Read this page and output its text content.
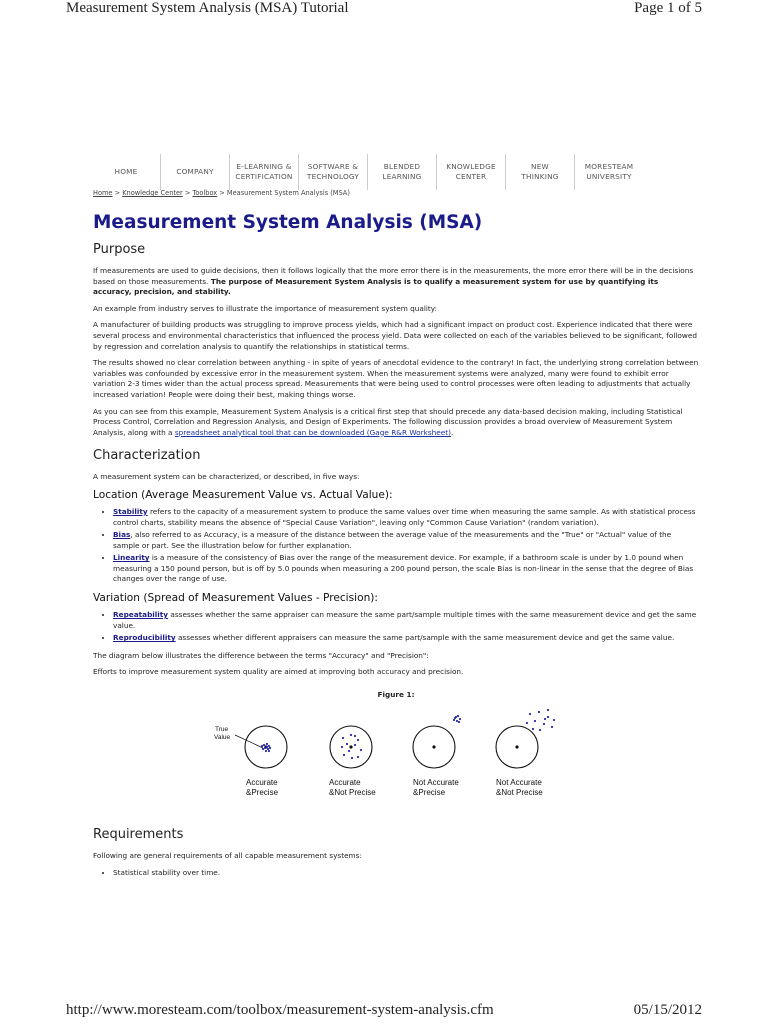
Measurement System Analysis (MSA) Tutorial	Page 1 of 5
HOME	COMPANY
E-LEARNING &
CERTIFICATION
SOFTWARE &
TECHNOLOGY
BLENDED
LEARNING
KNOWLEDGE
CENTER
NEW
THINKING
MORESTEAM
UNIVERSITY
Home > Knowledge Center > Toolbox > Measurement System Analysis (MSA)
Measurement System Analysis (MSA)
Purpose

If measurements are used to guide decisions, then it follows logically that the more error there is in the measurements, the more error there will be in the decisions based on those measurements. The purpose of Measurement System Analysis is to qualify a measurement system for use by quantifying its accuracy, precision, and stability.

An example from industry serves to illustrate the importance of measurement system quality:

A manufacturer of building products was struggling to improve process yields, which had a significant impact on product cost. Experience indicated that there were several process and environmental characteristics that influenced the process yield. Data were collected on each of the variables believed to be significant, followed by regression and correlation analysis to quantify the relationships in statistical terms.

The results showed no clear correlation between anything - in spite of years of anecdotal evidence to the contrary! In fact, the underlying strong correlation between variables was confounded by excessive error in the measurement system. When the measurement systems were analyzed, many were found to exhibit error variation 2-3 times wider than the actual process spread. Measurements that were being used to control processes were often leading to adjustments that actually increased variation! People were doing their best, making things worse.

As you can see from this example, Measurement System Analysis is a critical first step that should precede any data-based decision making, including Statistical Process Control, Correlation and Regression Analysis, and Design of Experiments. The following discussion provides a broad overview of Measurement System Analysis, along with a spreadsheet analytical tool that can be downloaded (Gage R&R Worksheet).

Characterization

A measurement system can be characterized, or described, in five ways:

Location (Average Measurement Value vs. Actual Value):
• Stability refers to the capacity of a measurement system to produce the same values over time when measuring the same sample. As with statistical process control charts, stability means the absence of "Special Cause Variation", leaving only "Common Cause Variation" (random variation).
• Bias, also referred to as Accuracy, is a measure of the distance between the average value of the measurements and the "True" or "Actual" value of the sample or part. See the illustration below for further explanation.
• Linearity is a measure of the consistency of Bias over the range of the measurement device. For example, if a bathroom scale is under by 1.0 pound when measuring a 150 pound person, but is off by 5.0 pounds when measuring a 200 pound person, the scale Bias is non-linear in the sense that the degree of Bias changes over the range of use.
Variation (Spread of Measurement Values - Precision):
• Repeatability assesses whether the same appraiser can measure the same part/sample multiple times with the same measurement device and get the same value.
• Reproducibility assesses whether different appraisers can measure the same part/sample with the same measurement device and get the same value.

The diagram below illustrates the difference between the terms "Accuracy" and "Precision":

Efforts to improve measurement system quality are aimed at improving both accuracy and precision.

Figure 1:
True
Value
Accurate
&Precise
Accurate
&Not Precise
Not Accurate
&Precise
Not Accurate
&Not Precise
Requirements

Following are general requirements of all capable measurement systems:

• Statistical stability over time.
http://www.moresteam.com/toolbox/measurement-system-analysis.cfm	05/15/2012
